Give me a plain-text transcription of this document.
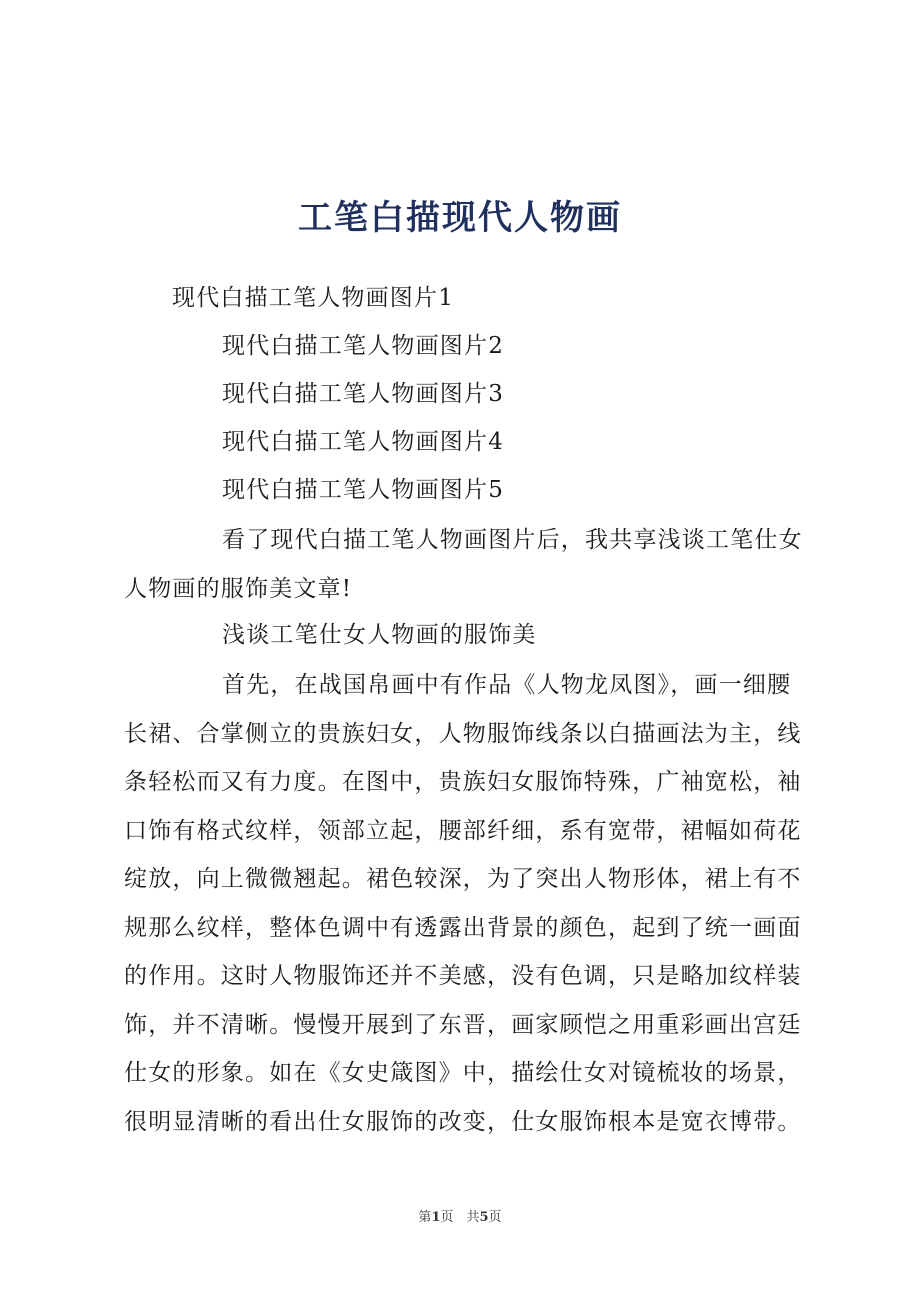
工笔白描现代人物画

现代白描工笔人物画图片1

现代白描工笔人物画图片2

现代白描工笔人物画图片3

现代白描工笔人物画图片4

现代白描工笔人物画图片5

看了现代白描工笔人物画图片后，我共享浅谈工笔仕女
人物画的服饰美文章!

浅谈工笔仕女人物画的服饰美

首先，在战国帛画中有作品《人物龙凤图》，画一细腰
长裙、合掌侧立的贵族妇女，人物服饰线条以白描画法为主，线
条轻松而又有力度。在图中，贵族妇女服饰特殊，广袖宽松，袖
口饰有格式纹样，领部立起，腰部纤细，系有宽带，裙幅如荷花
绽放，向上微微翘起。裙色较深，为了突出人物形体，裙上有不
规那么纹样，整体色调中有透露出背景的颜色，起到了统一画面
的作用。这时人物服饰还并不美感，没有色调，只是略加纹样装
饰，并不清晰。慢慢开展到了东晋，画家顾恺之用重彩画出宫廷
仕女的形象。如在《女史箴图》中，描绘仕女对镜梳妆的场景，
很明显清晰的看出仕女服饰的改变，仕女服饰根本是宽衣博带。

第1页　共5页
